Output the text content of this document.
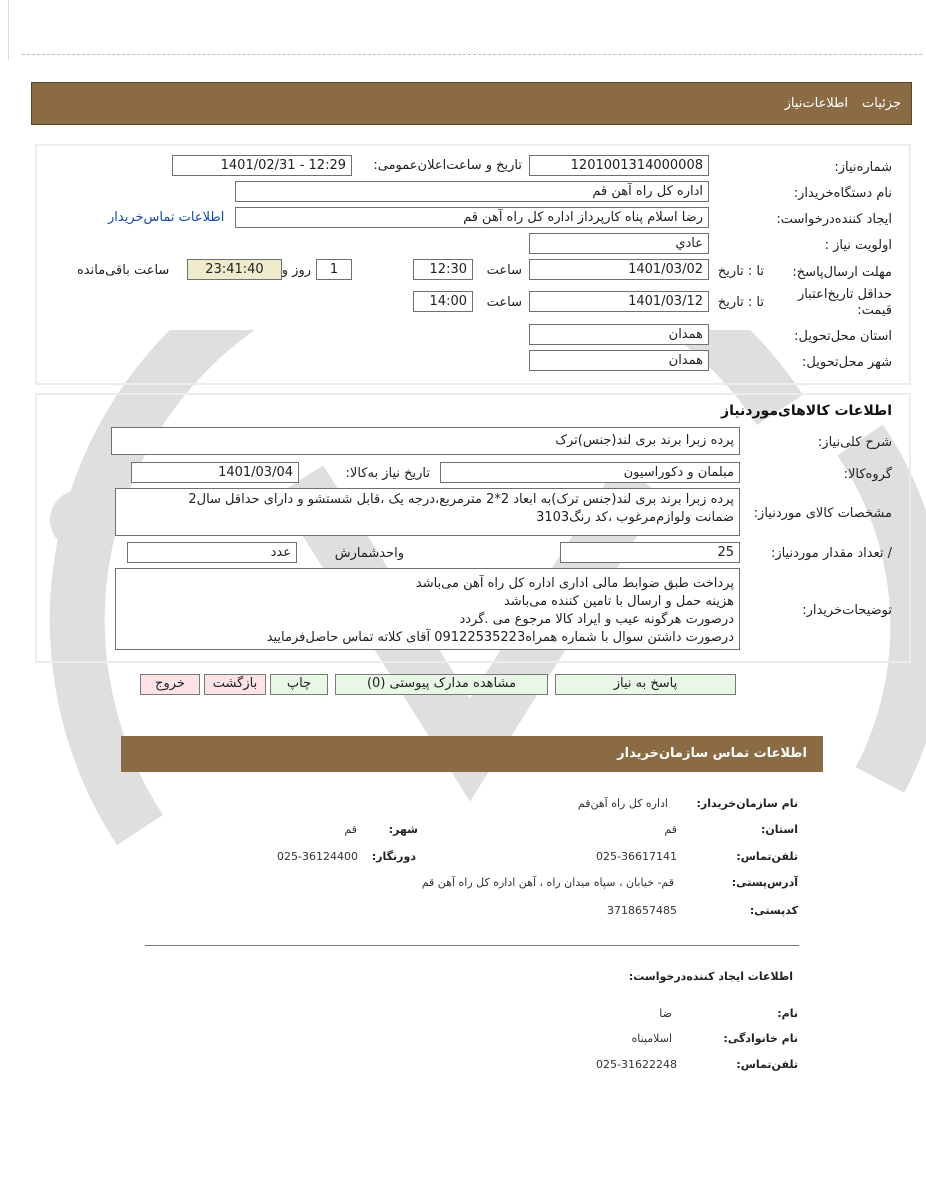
جزئیات
اطلاعات‌نیاز
شماره‌نیاز:
1201001314000008
تاریخ و ساعت‌اعلان‌عمومی:
1401/02/31 - 12:29
نام دستگاه‌خریدار:
اداره کل راه آهن قم
ایجاد کننده‌درخواست:
رضا اسلام پناه کارپرداز اداره کل راه آهن قم
اطلاعات تماس‌خریدار
اولویت نیاز :
عادي
مهلت ارسال‌پاسخ:
تا : تاریخ
1401/03/02
ساعت
12:30
1
روز و
23:41:40
ساعت باقی‌مانده
حداقل تاریخ‌اعتبار قیمت:
تا : تاریخ
1401/03/12
ساعت
14:00
استان محل‌تحویل:
همدان
شهر محل‌تحویل:
همدان
اطلاعات کالاهای‌موردنیاز
شرح کلی‌نیاز:
پرده زبرا برند بری لند(جنس)ترک
گروه‌کالا:
مبلمان و دکوراسیون
تاریخ نیاز به‌کالا:
1401/03/04
مشخصات کالای مورد‌نیاز:
پرده زبرا برند بری لند(جنس ترک)به ابعاد 2*2 مترمربع،درجه یک ،قابل شستشو و دارای حداقل سال2
ضمانت ولوازم‌مرغوب ،کد رنگ3103
/ تعداد مقدار مورد‌نیاز:
25
واحد‌شمارش
عدد
توضیحات‌خریدار:
پرداخت طبق ضوابط مالی اداری اداره کل راه آهن می‌باشد
هزینه حمل و ارسال با تامین کننده می‌باشد
درصورت هرگونه عیب و ایراد کالا مرجوع می .گردد
درصورت داشتن سوال با شماره همراه09122535223 آقای کلاته تماس حاصل‌فرمایید
پاسخ به نیاز
مشاهده مدارک پیوستی (0)
چاپ
بازگشت
خروج
اطلاعات تماس سازمان‌خریدار
نام سازمان‌خریدار:
اداره کل راه آهن‌قم
استان:
قم
شهر:
قم
تلفن‌تماس:
025-36617141
دورنگار:
025-36124400
آدرس‌پستی:
قم- خیابان ، سپاه میدان راه ، آهن اداره کل راه آهن قم
کد‌پستی:
3718657485
اطلاعات ایجاد کننده‌درخواست:
نام:
ضا
نام خانوادگی:
اسلامپناه
تلفن‌تماس:
025-31622248
